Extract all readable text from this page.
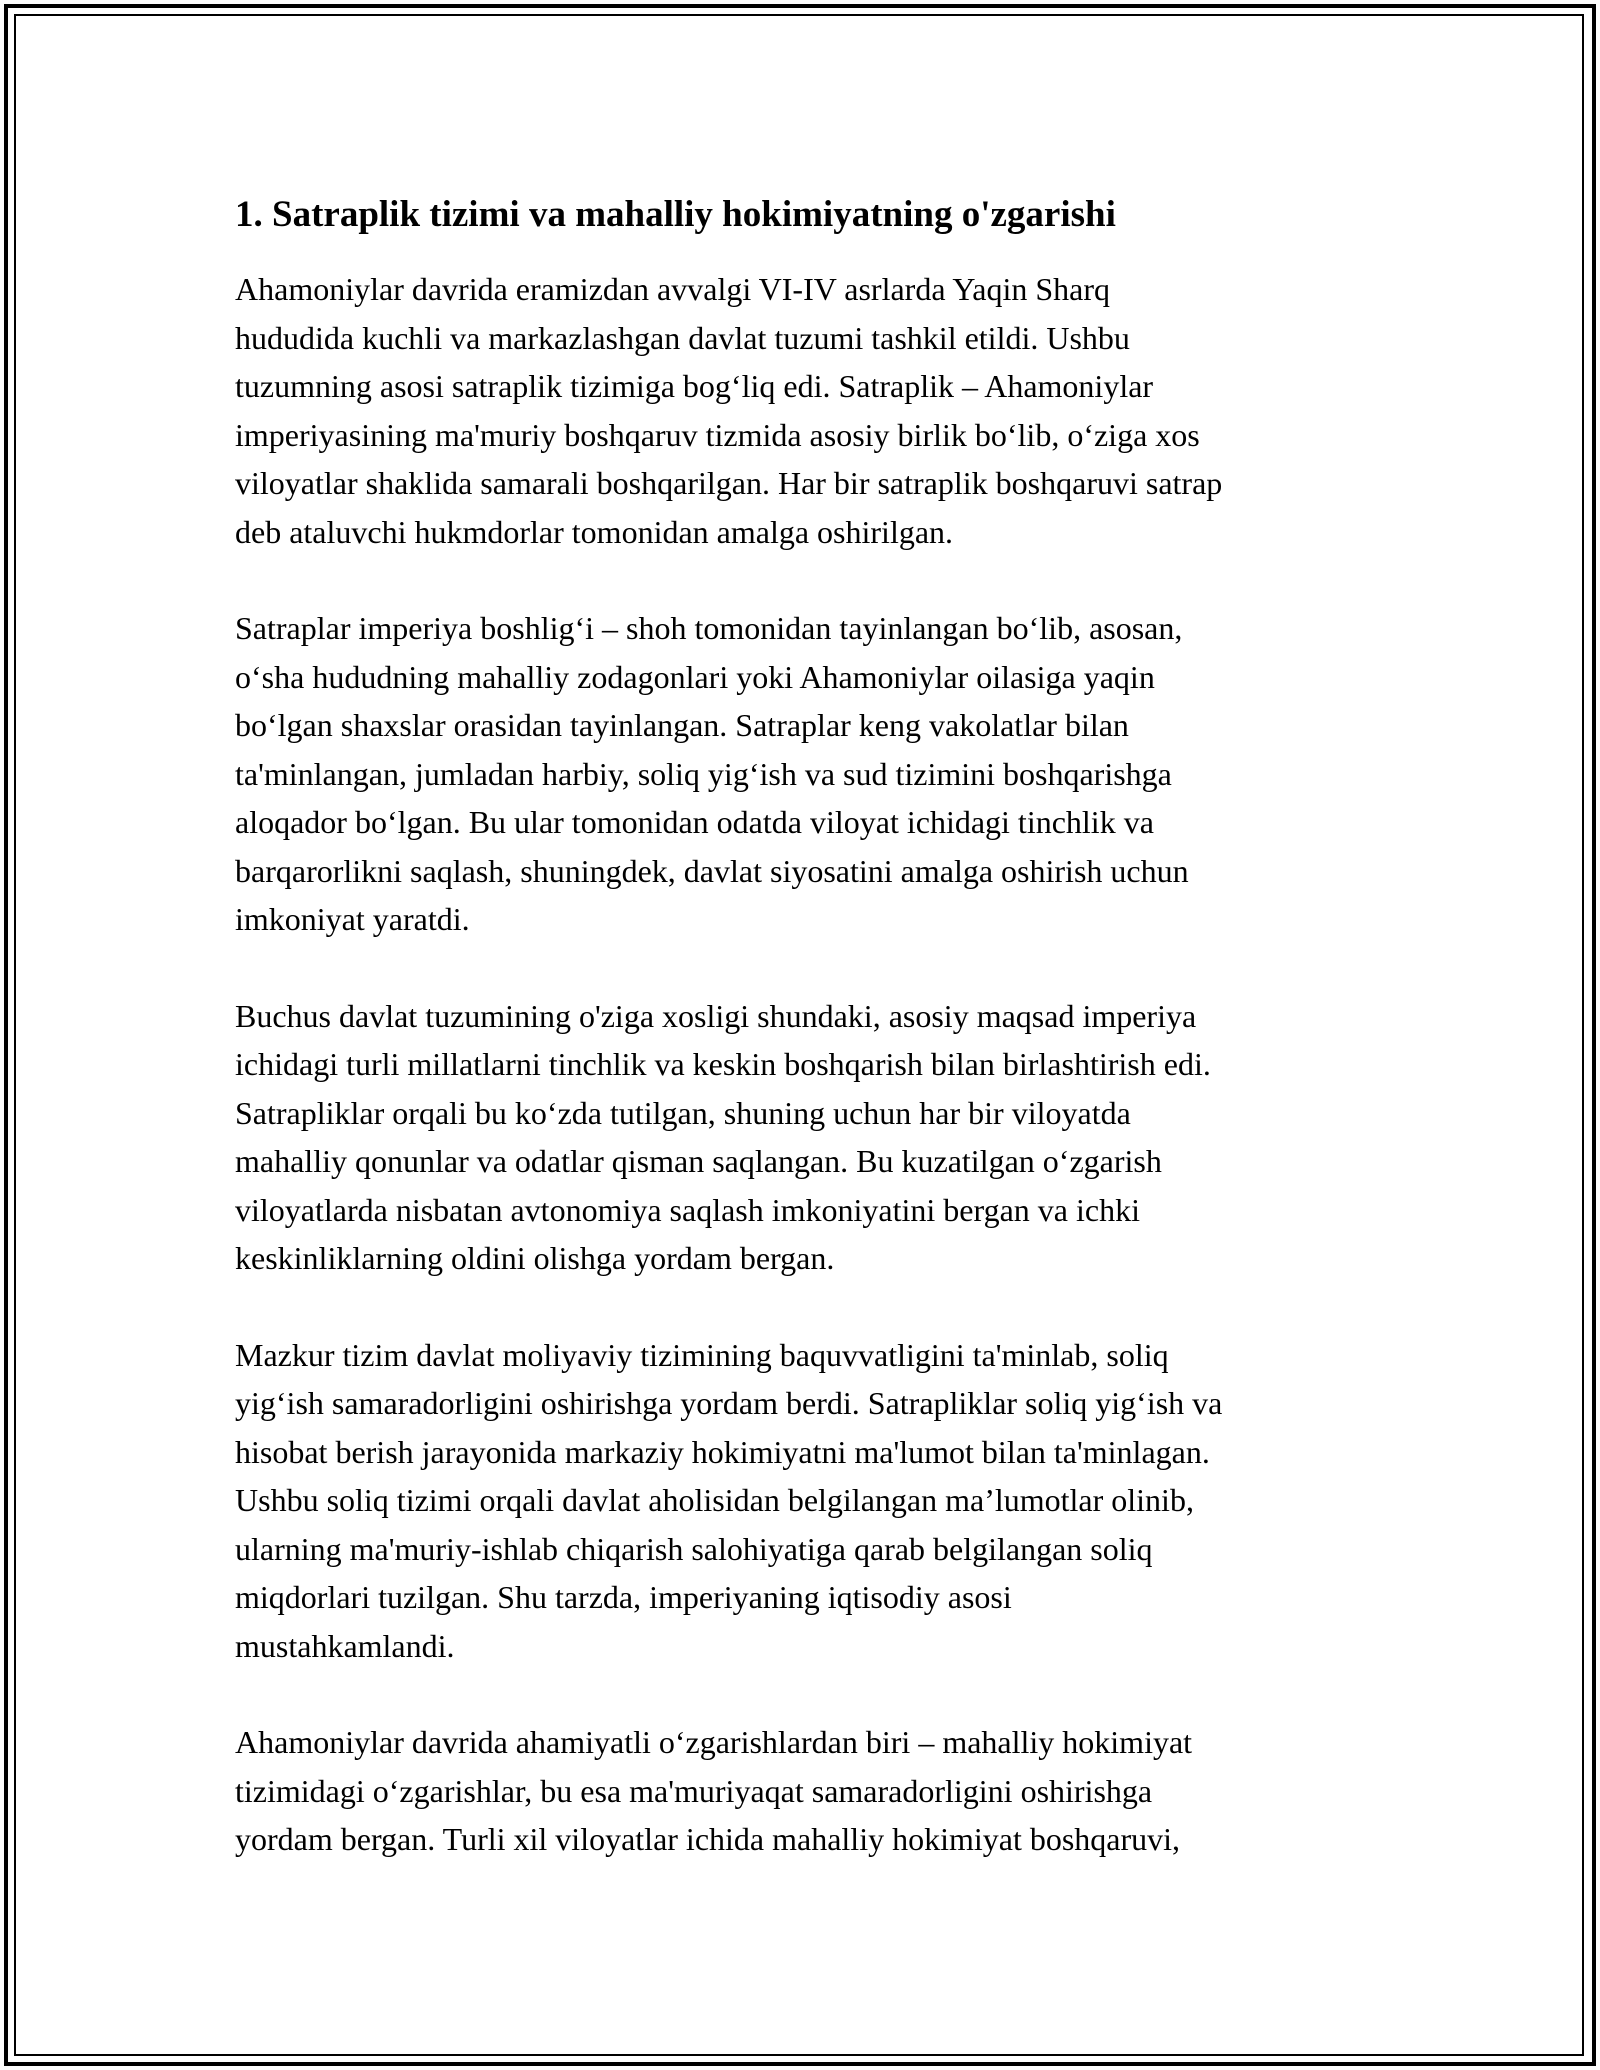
1. Satraplik tizimi va mahalliy hokimiyatning o'zgarishi
Ahamoniylar davrida eramizdan avvalgi VI-IV asrlarda Yaqin Sharq
hududida kuchli va markazlashgan davlat tuzumi tashkil etildi. Ushbu
tuzumning asosi satraplik tizimiga bog‘liq edi. Satraplik – Ahamoniylar
imperiyasining ma'muriy boshqaruv tizmida asosiy birlik bo‘lib, o‘ziga xos
viloyatlar shaklida samarali boshqarilgan. Har bir satraplik boshqaruvi satrap
deb ataluvchi hukmdorlar tomonidan amalga oshirilgan.
Satraplar imperiya boshlig‘i – shoh tomonidan tayinlangan bo‘lib, asosan,
o‘sha hududning mahalliy zodagonlari yoki Ahamoniylar oilasiga yaqin
bo‘lgan shaxslar orasidan tayinlangan. Satraplar keng vakolatlar bilan
ta'minlangan, jumladan harbiy, soliq yig‘ish va sud tizimini boshqarishga
aloqador bo‘lgan. Bu ular tomonidan odatda viloyat ichidagi tinchlik va
barqarorlikni saqlash, shuningdek, davlat siyosatini amalga oshirish uchun
imkoniyat yaratdi.
Buchus davlat tuzumining o'ziga xosligi shundaki, asosiy maqsad imperiya
ichidagi turli millatlarni tinchlik va keskin boshqarish bilan birlashtirish edi.
Satrapliklar orqali bu ko‘zda tutilgan, shuning uchun har bir viloyatda
mahalliy qonunlar va odatlar qisman saqlangan. Bu kuzatilgan o‘zgarish
viloyatlarda nisbatan avtonomiya saqlash imkoniyatini bergan va ichki
keskinliklarning oldini olishga yordam bergan.
Mazkur tizim davlat moliyaviy tizimining baquvvatligini ta'minlab, soliq
yig‘ish samaradorligini oshirishga yordam berdi. Satrapliklar soliq yig‘ish va
hisobat berish jarayonida markaziy hokimiyatni ma'lumot bilan ta'minlagan.
Ushbu soliq tizimi orqali davlat aholisidan belgilangan ma’lumotlar olinib,
ularning ma'muriy-ishlab chiqarish salohiyatiga qarab belgilangan soliq
miqdorlari tuzilgan. Shu tarzda, imperiyaning iqtisodiy asosi
mustahkamlandi.
Ahamoniylar davrida ahamiyatli o‘zgarishlardan biri – mahalliy hokimiyat
tizimidagi o‘zgarishlar, bu esa ma'muriyaqat samaradorligini oshirishga
yordam bergan. Turli xil viloyatlar ichida mahalliy hokimiyat boshqaruvi,
